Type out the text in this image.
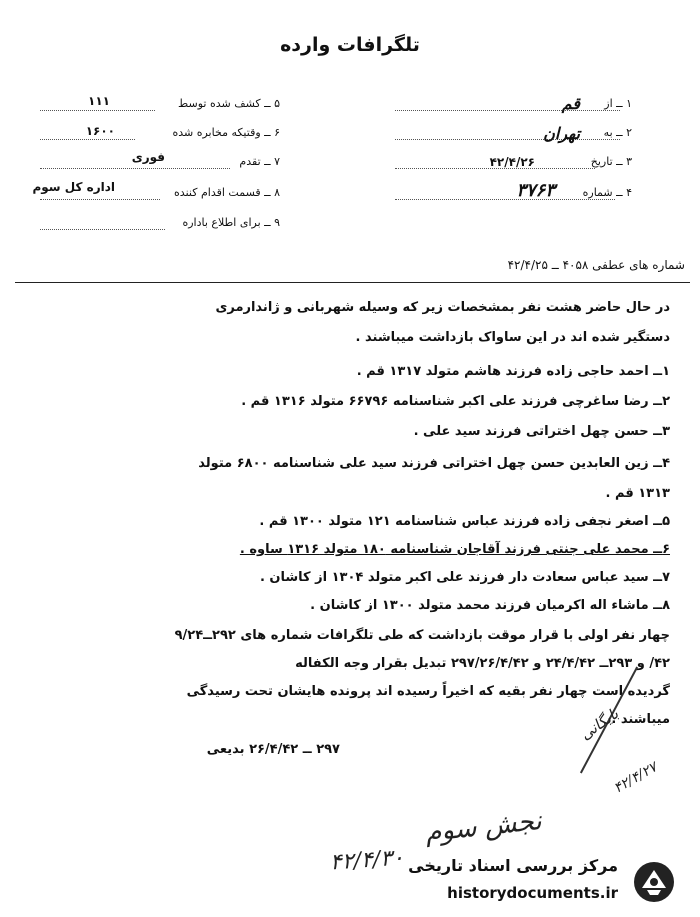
تلگرافات وارده
۱ ــ از
قم
۲ ــ به
تهران
۳ ــ تاریخ
۴۲/۴/۲۶
۴ ــ شماره
۳۷۶۳
۵ ــ کشف شده توسط
۱۱۱
۶ ــ وقتیکه مخابره شده
۱۶۰۰
۷ ــ تقدم
فوری
۸ ــ قسمت اقدام کننده
اداره کل سوم
۹ ــ برای اطلاع باداره
شماره های عطفی ۴۰۵۸ ــ ۴۲/۴/۲۵
در حال حاضر هشت نفر بمشخصات زیر که وسیله شهربانی و ژاندارمری
دستگیر شده اند در این ساواک بازداشت میباشند .
۱ــ احمد حاجی زاده فرزند هاشم متولد ۱۳۱۷ قم .
۲ــ رضا ساغرچی فرزند علی اکبر شناسنامه ۶۶۷۹۶ متولد ۱۳۱۶ قم .
۳ــ حسن چهل اختراتی فرزند سید علی .
۴ــ زین العابدین حسن چهل اختراتی فرزند سید علی شناسنامه ۶۸۰۰ متولد
۱۳۱۳ قم .
۵ــ اصغر نجفی زاده فرزند عباس شناسنامه ۱۲۱ متولد ۱۳۰۰ قم .
۶ــ محمد علی جنتی فرزند آقاجان شناسنامه ۱۸۰ متولد ۱۳۱۶ ساوه .
۷ــ سید عباس سعادت دار فرزند علی اکبر متولد ۱۳۰۴ از کاشان .
۸ــ ماشاء اله اکرمیان فرزند محمد متولد ۱۳۰۰ از کاشان .
چهار نفر اولی با قرار موقت بازداشت که طی تلگرافات شماره های ۲۹۲ــ۹/۲۴
۴۲/ و ۲۹۳ــ ۲۴/۴/۴۲ و ۲۹۷/۲۶/۴/۴۲ تبدیل بقرار وجه الکفاله
گردیده است چهار نفر بقیه که اخیراً رسیده اند پرونده هایشان تحت رسیدگی
میباشند .
۲۹۷ ــ ۲۶/۴/۴۲ بدیعی
بایگانی
۴۲/۴/۲۷
نجش سوم
۴۲/۴/۳۰ مرکز بررسی اسناد تاریخی
historydocuments.ir
